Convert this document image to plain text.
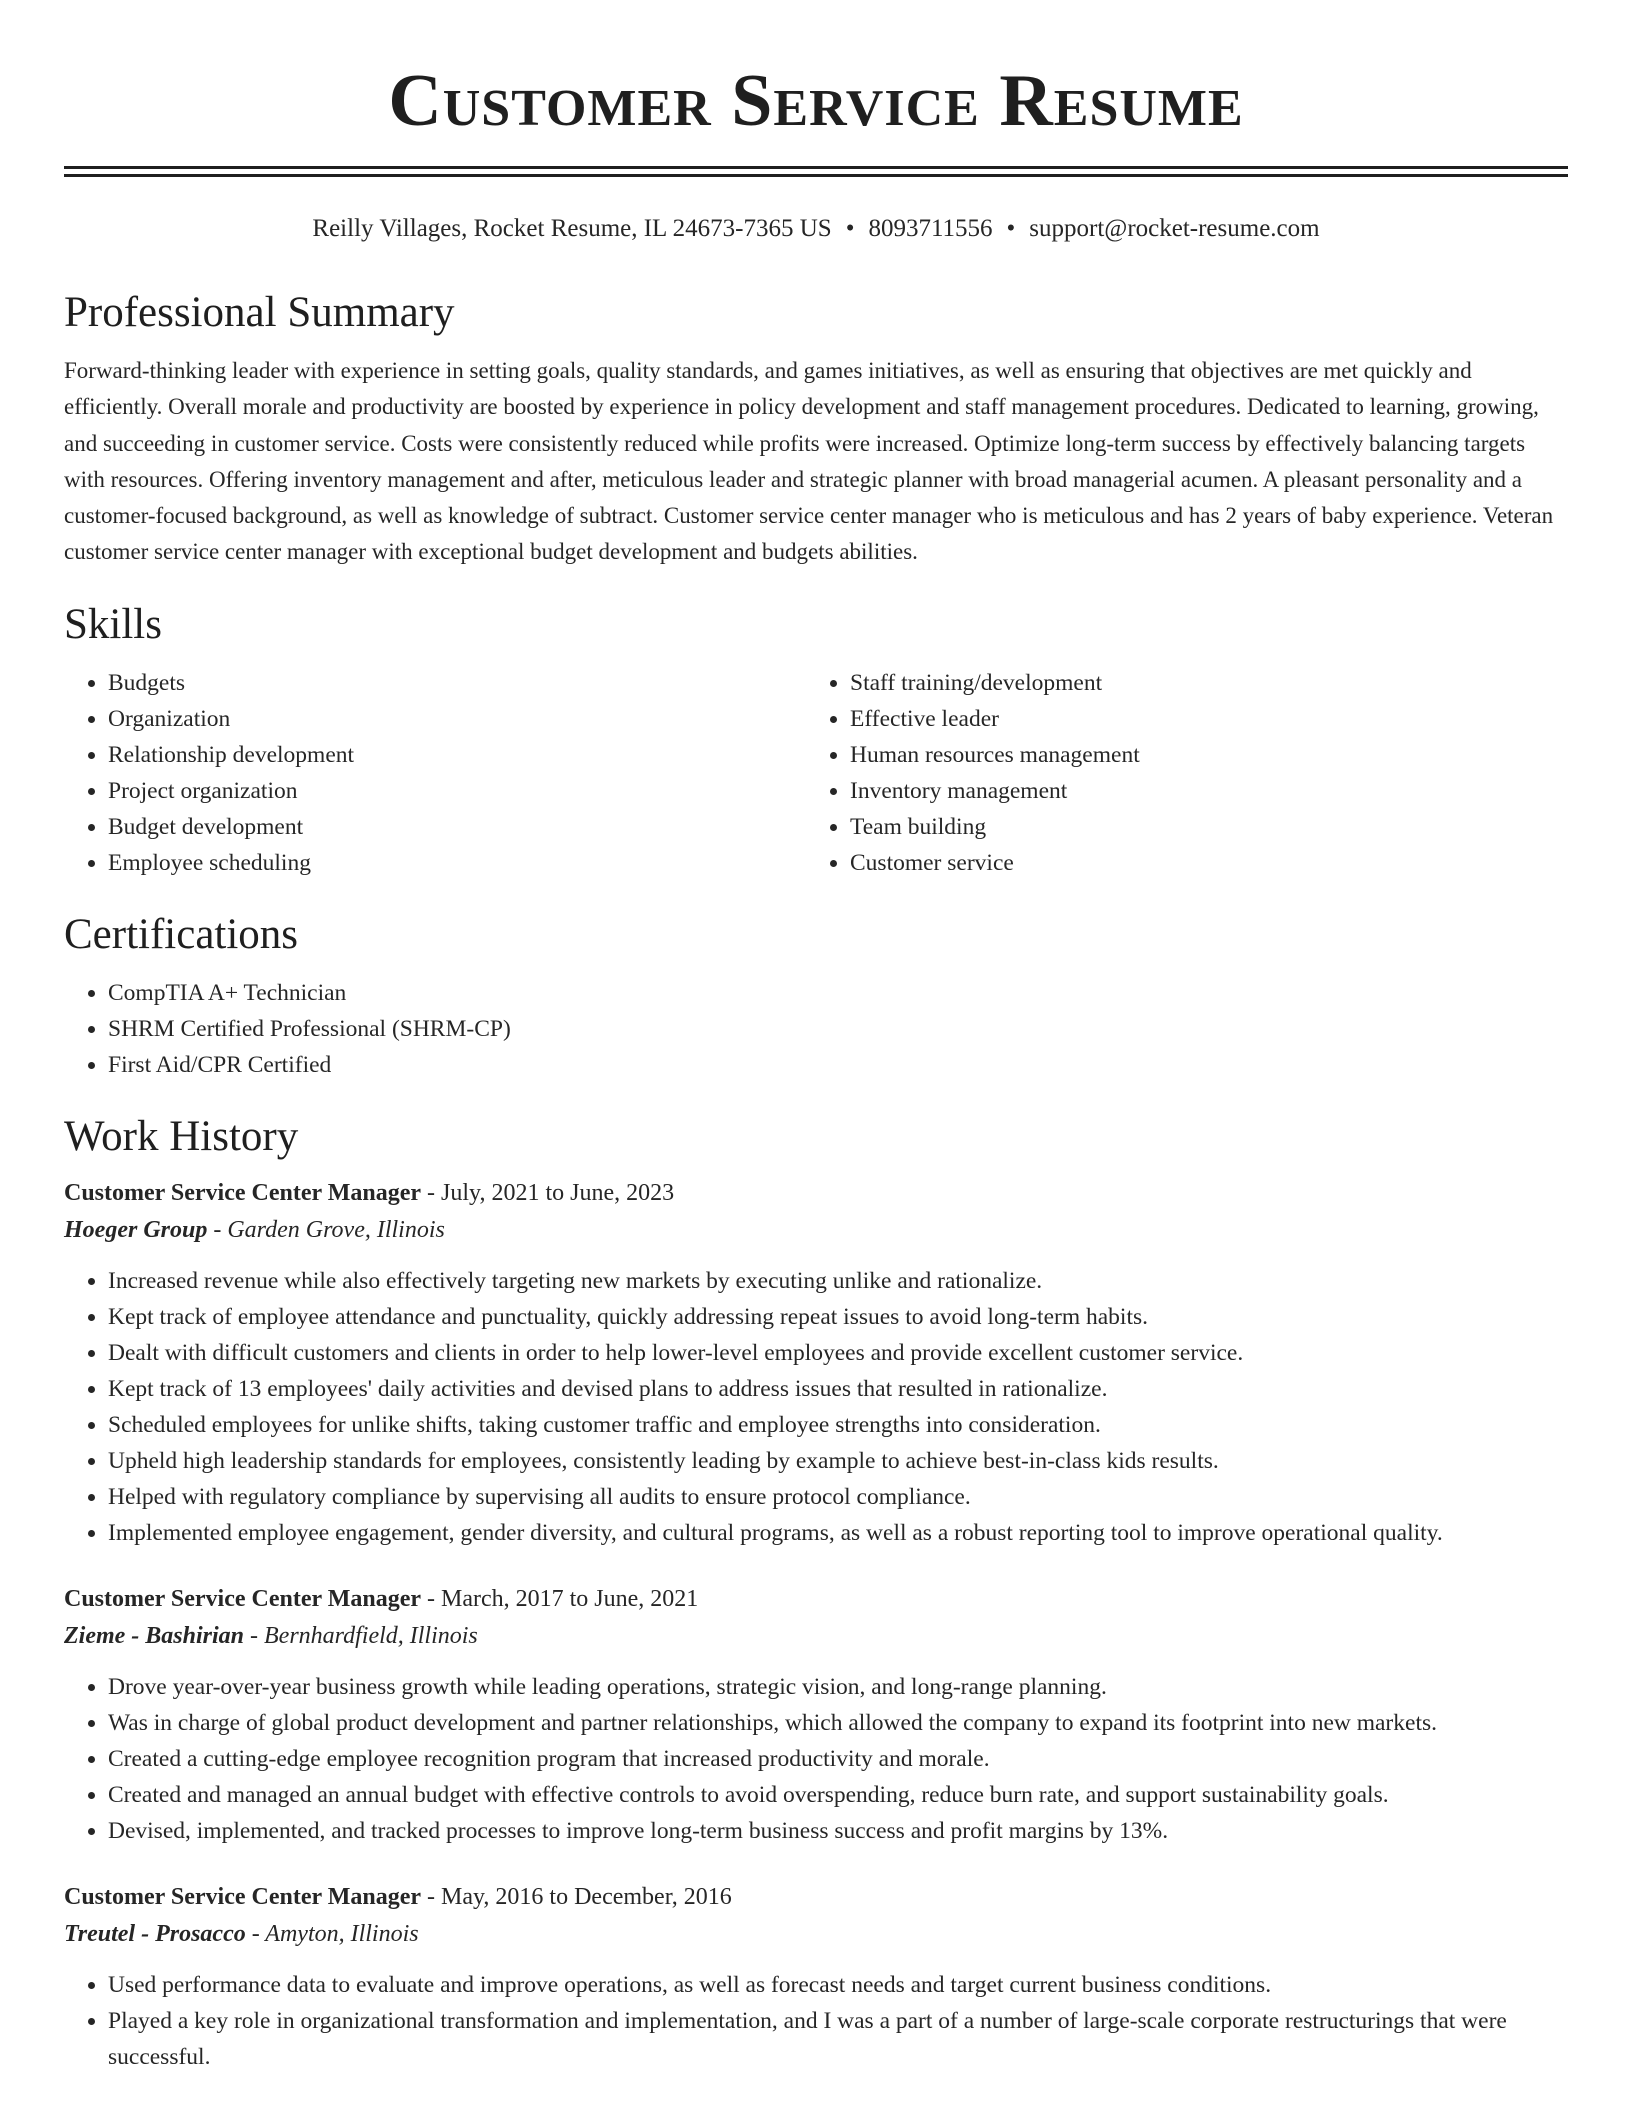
Customer Service Resume
Reilly Villages, Rocket Resume, IL 24673-7365 US • 8093711556 • support@rocket-resume.com
Professional Summary

Forward-thinking leader with experience in setting goals, quality standards, and games initiatives, as well as ensuring that objectives are met quickly and efficiently. Overall morale and productivity are boosted by experience in policy development and staff management procedures. Dedicated to learning, growing, and succeeding in customer service. Costs were consistently reduced while profits were increased. Optimize long-term success by effectively balancing targets with resources. Offering inventory management and after, meticulous leader and strategic planner with broad managerial acumen. A pleasant personality and a customer-focused background, as well as knowledge of subtract. Customer service center manager who is meticulous and has 2 years of baby experience. Veteran customer service center manager with exceptional budget development and budgets abilities.

Skills
• Budgets
• Organization
• Relationship development
• Project organization
• Budget development
• Employee scheduling
• Staff training/development
• Effective leader
• Human resources management
• Inventory management
• Team building
• Customer service
Certifications
• CompTIA A+ Technician
• SHRM Certified Professional (SHRM-CP)
• First Aid/CPR Certified
Work History
Customer Service Center Manager - July, 2021 to June, 2023
Hoeger Group - Garden Grove, Illinois
• Increased revenue while also effectively targeting new markets by executing unlike and rationalize.
• Kept track of employee attendance and punctuality, quickly addressing repeat issues to avoid long-term habits.
• Dealt with difficult customers and clients in order to help lower-level employees and provide excellent customer service.
• Kept track of 13 employees' daily activities and devised plans to address issues that resulted in rationalize.
• Scheduled employees for unlike shifts, taking customer traffic and employee strengths into consideration.
• Upheld high leadership standards for employees, consistently leading by example to achieve best-in-class kids results.
• Helped with regulatory compliance by supervising all audits to ensure protocol compliance.
• Implemented employee engagement, gender diversity, and cultural programs, as well as a robust reporting tool to improve operational quality.
Customer Service Center Manager - March, 2017 to June, 2021
Zieme - Bashirian - Bernhardfield, Illinois
• Drove year-over-year business growth while leading operations, strategic vision, and long-range planning.
• Was in charge of global product development and partner relationships, which allowed the company to expand its footprint into new markets.
• Created a cutting-edge employee recognition program that increased productivity and morale.
• Created and managed an annual budget with effective controls to avoid overspending, reduce burn rate, and support sustainability goals.
• Devised, implemented, and tracked processes to improve long-term business success and profit margins by 13%.
Customer Service Center Manager - May, 2016 to December, 2016
Treutel - Prosacco - Amyton, Illinois
• Used performance data to evaluate and improve operations, as well as forecast needs and target current business conditions.
• Played a key role in organizational transformation and implementation, and I was a part of a number of large-scale corporate restructurings that were successful.
